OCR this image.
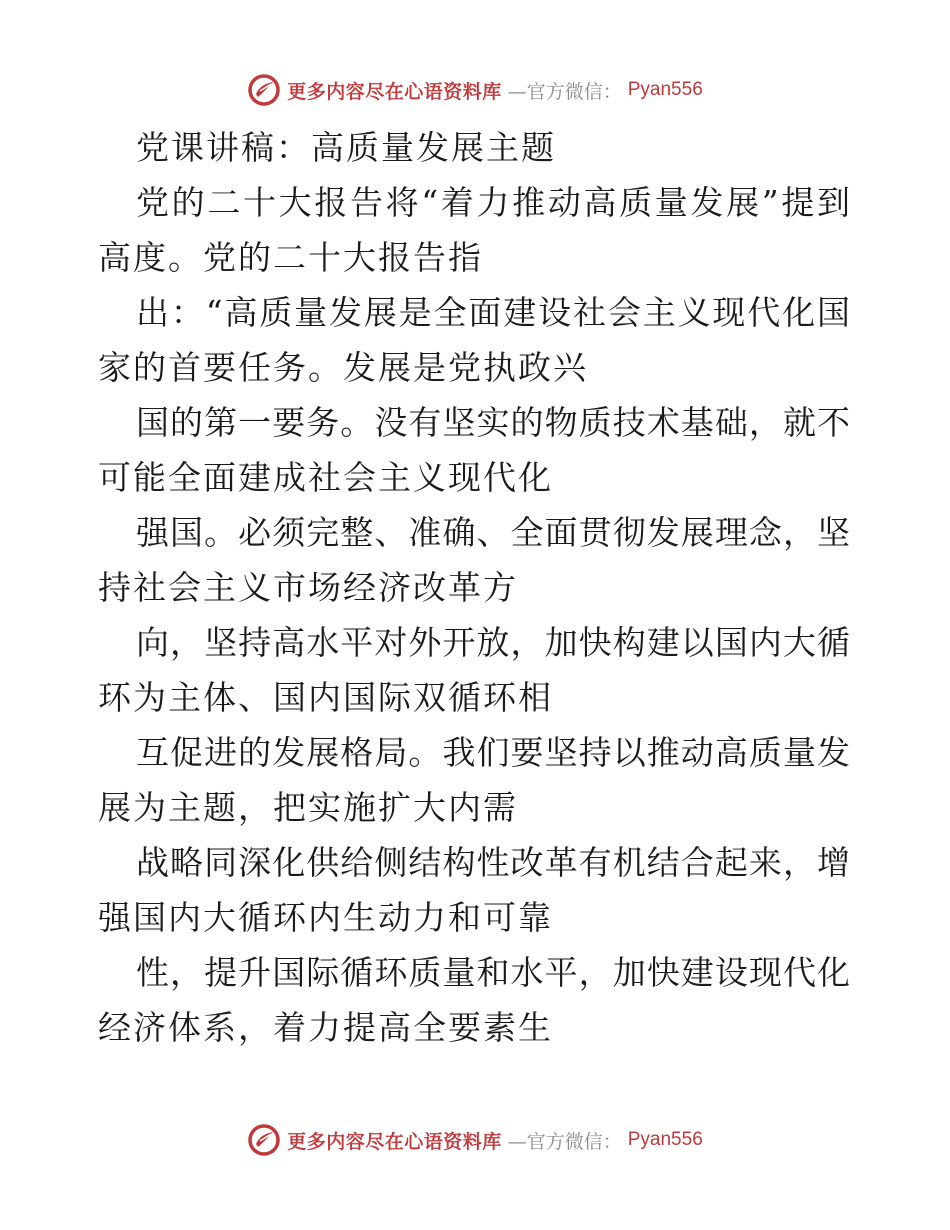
更多内容尽在心语资料库 —官方微信： Pyan556
党课讲稿：高质量发展主题
党的二十大报告将“着力推动高质量发展”提到
高度。党的二十大报告指
出：“高质量发展是全面建设社会主义现代化国
家的首要任务。发展是党执政兴
国的第一要务。没有坚实的物质技术基础，就不
可能全面建成社会主义现代化
强国。必须完整、准确、全面贯彻发展理念，坚
持社会主义市场经济改革方
向，坚持高水平对外开放，加快构建以国内大循
环为主体、国内国际双循环相
互促进的发展格局。我们要坚持以推动高质量发
展为主题，把实施扩大内需
战略同深化供给侧结构性改革有机结合起来，增
强国内大循环内生动力和可靠
性，提升国际循环质量和水平，加快建设现代化
经济体系，着力提高全要素生
更多内容尽在心语资料库 —官方微信： Pyan556
